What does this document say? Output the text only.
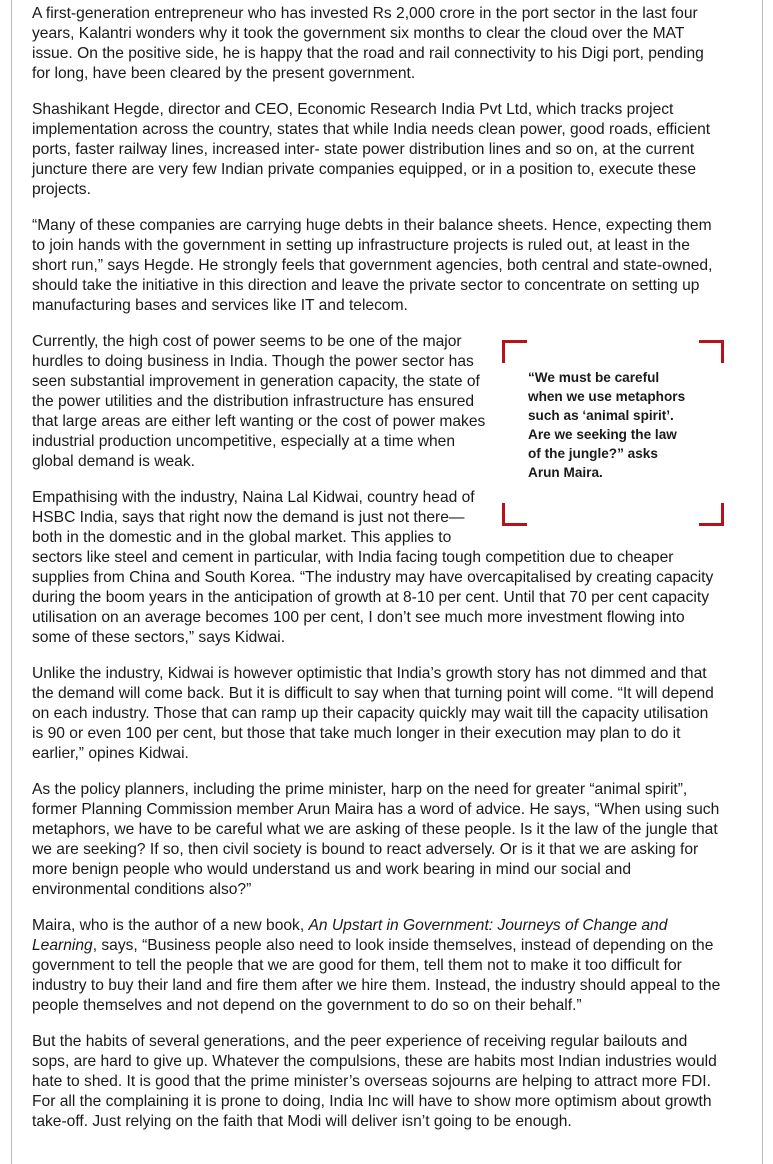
A first-generation entrepreneur who has invested Rs 2,000 crore in the port sector in the last four years, Kalantri wonders why it took the government six months to clear the cloud over the MAT issue. On the positive side, he is happy that the road and rail connectivity to his Digi port, pending for long, have been cleared by the present government.

Shashikant Hegde, director and CEO, Economic Research India Pvt Ltd, which tracks project implementation across the country, states that while India needs clean power, good roads, efficient ports, faster railway lines, increased inter- state power distribution lines and so on, at the current juncture there are very few Indian private companies equipped, or in a position to, execute these projects.

“Many of these companies are carrying huge debts in their balance sheets. Hence, expecting them to join hands with the government in setting up infrastructure projects is ruled out, at least in the short run,” says Hegde. He strongly feels that government agencies, both central and state-owned, should take the initiative in this direction and leave the private sector to concentrate on setting up manufacturing bases and services like IT and telecom.

“We must be careful when we use metaphors such as ‘animal spirit’. Are we seeking the law of the jungle?” asks Arun Maira.

Currently, the high cost of power seems to be one of the major hurdles to doing business in India. Though the power sector has seen substantial improvement in generation capacity, the state of the power utilities and the distribution infrastructure has ensured that large areas are either left wanting or the cost of power makes industrial production uncompetitive, especially at a time when global demand is weak.

Empathising with the industry, Naina Lal Kidwai, country head of HSBC India, says that right now the demand is just not there—both in the domestic and in the global market. This applies to sectors like steel and cement in particular, with India facing tough competition due to cheaper supplies from China and South Korea. “The industry may have overcapitalised by creating capacity during the boom years in the anticipation of growth at 8-10 per cent. Until that 70 per cent capacity utilisation on an average becomes 100 per cent, I don’t see much more investment flowing into some of these sectors,” says Kidwai.

Unlike the industry, Kidwai is however optimistic that India’s growth story has not dimmed and that the demand will come back. But it is difficult to say when that turning point will come. “It will depend on each industry. Those that can ramp up their capacity quickly may wait till the capacity utilisation is 90 or even 100 per cent, but those that take much longer in their execution may plan to do it earlier,” opines Kidwai.

As the policy planners, including the prime minister, harp on the need for greater “animal spirit”, former Planning Commission member Arun Maira has a word of advice. He says, “When using such metaphors, we have to be careful what we are asking of these people. Is it the law of the jungle that we are seeking? If so, then civil society is bound to react adversely. Or is it that we are asking for more benign people who would understand us and work bearing in mind our social and environmental conditions also?”

Maira, who is the author of a new book, An Upstart in Government: Journeys of Change and Learning, says, “Business people also need to look inside themselves, instead of depending on the government to tell the people that we are good for them, tell them not to make it too difficult for industry to buy their land and fire them after we hire them. Instead, the industry should appeal to the people themselves and not depend on the government to do so on their behalf.”

But the habits of several generations, and the peer experience of receiving regular bailouts and sops, are hard to give up. Whatever the compulsions, these are habits most Indian industries would hate to shed. It is good that the prime minister’s overseas sojourns are helping to attract more FDI. For all the complaining it is prone to doing, India Inc will have to show more optimism about growth take-off. Just relying on the faith that Modi will deliver isn’t going to be enough.
